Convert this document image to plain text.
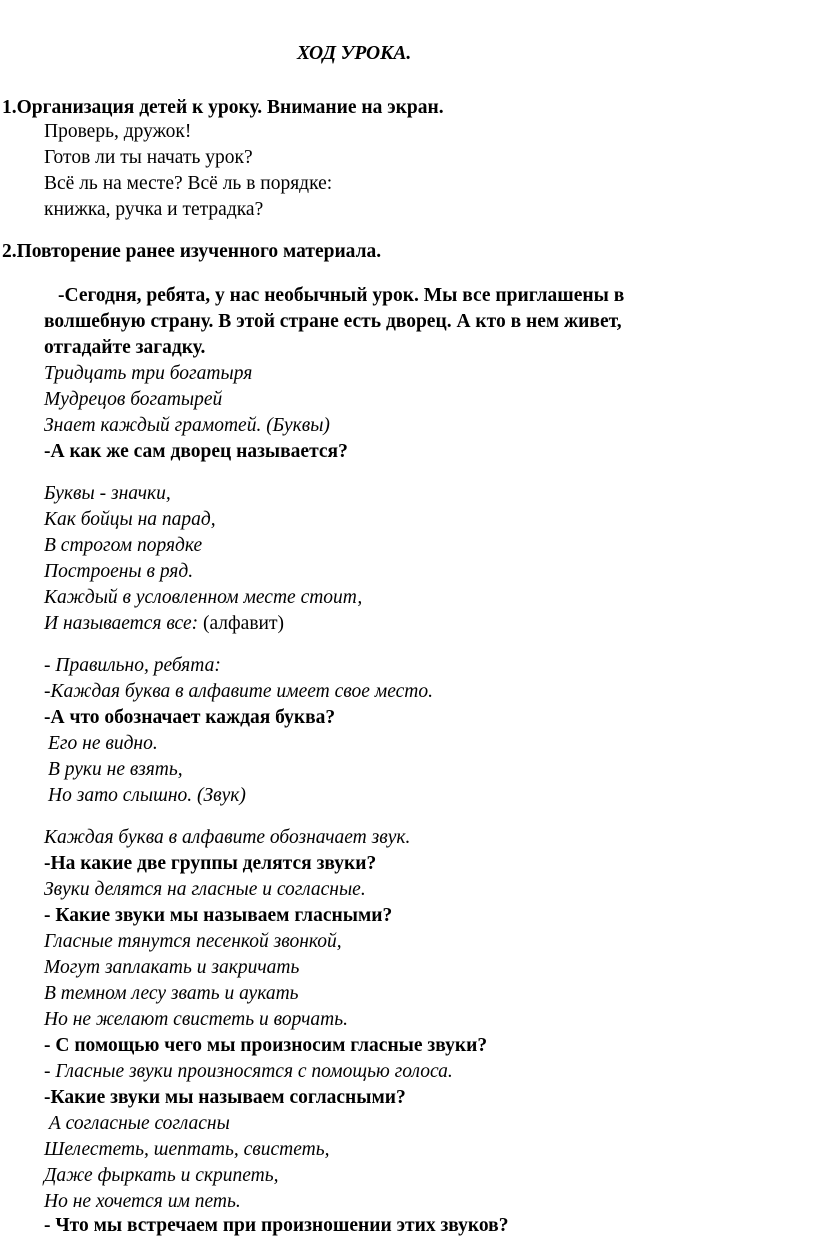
ХОД УРОКА.

1.Организация детей к уроку. Внимание на экран.

Проверь, дружок!

Готов ли ты начать урок?

Всё ль на месте? Всё ль в порядке:

книжка, ручка и тетрадка?

2.Повторение ранее изученного материала.

-Сегодня, ребята, у нас необычный урок. Мы все приглашены в

волшебную страну. В этой стране есть дворец. А кто в нем живет,

отгадайте загадку.

Тридцать три богатыря

Мудрецов богатырей

Знает каждый грамотей. (Буквы)

-А как же сам дворец называется?

Буквы - значки,

Как бойцы на парад,

В строгом порядке

Построены в ряд.

Каждый в условленном месте стоит,

И называется все: (алфавит)

- Правильно, ребята:

-Каждая буква в алфавите имеет свое место.

-А что обозначает каждая буква?

Его не видно.

В руки не взять,

Но зато слышно. (Звук)

Каждая буква в алфавите обозначает звук.

-На какие две группы делятся звуки?

Звуки делятся на гласные и согласные.

- Какие звуки мы называем гласными?

Гласные тянутся песенкой звонкой,

Могут заплакать и закричать

В темном лесу звать и аукать

Но не желают свистеть и ворчать.

- С помощью чего мы произносим гласные звуки?

- Гласные звуки произносятся с помощью голоса.

-Какие звуки мы называем согласными?

А согласные согласны

Шелестеть, шептать, свистеть,

Даже фыркать и скрипеть,

Но не хочется им петь.

- Что мы встречаем при произношении этих звуков?
